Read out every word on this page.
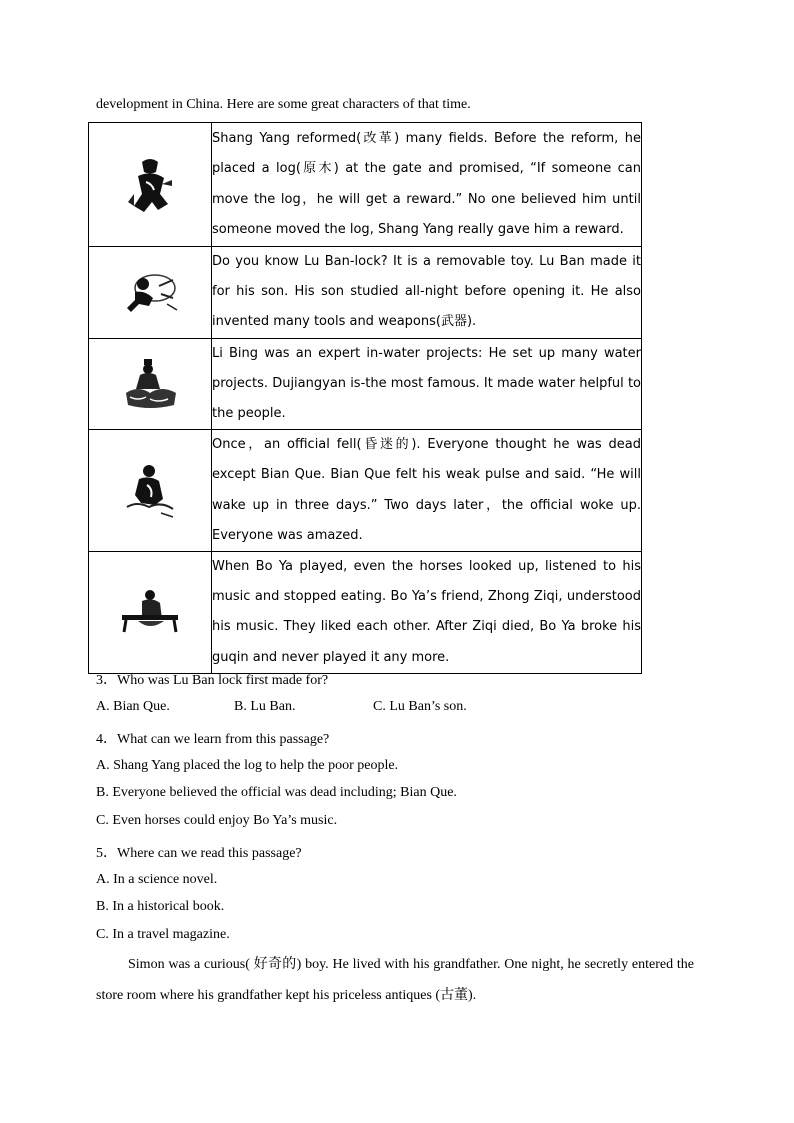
development in China. Here are some great characters of that time.
	Shang Yang reformed(改革) many fields. Before the reform, he placed a log(原木) at the gate and promised, “If someone can move the log，he will get a reward.” No one believed him until someone moved the log, Shang Yang really gave him a reward.

	Do you know Lu Ban-lock? It is a removable toy. Lu Ban made it for his son. His son studied all-night before opening it. He also invented many tools and weapons(武器).

	Li Bing was an expert in-water projects: He set up many water projects. Dujiangyan is-the most famous. It made water helpful to the people.

	Once，an official fell(昏迷的). Everyone thought he was dead except Bian Que. Bian Que felt his weak pulse and said. “He will wake up in three days.” Two days later，the official woke up. Everyone was amazed.

	When Bo Ya played, even the horses looked up, listened to his music and stopped eating. Bo Ya’s friend, Zhong Ziqi, understood his music. They liked each other. After Ziqi died, Bo Ya broke his guqin and never played it any more.
3．Who was Lu Ban lock first made for?
A. Bian Que.	B. Lu Ban.	C. Lu Ban’s son.
4．What can we learn from this passage?
A. Shang Yang placed the log to help the poor people.
B. Everyone believed the official was dead including; Bian Que.
C. Even horses could enjoy Bo Ya’s music.
5．Where can we read this passage?
A. In a science novel.
B. In a historical book.
C. In a travel magazine.
Simon was a curious( 好奇的) boy. He lived with his grandfather. One night, he secretly entered the store room where his grandfather kept his priceless antiques (古董).
